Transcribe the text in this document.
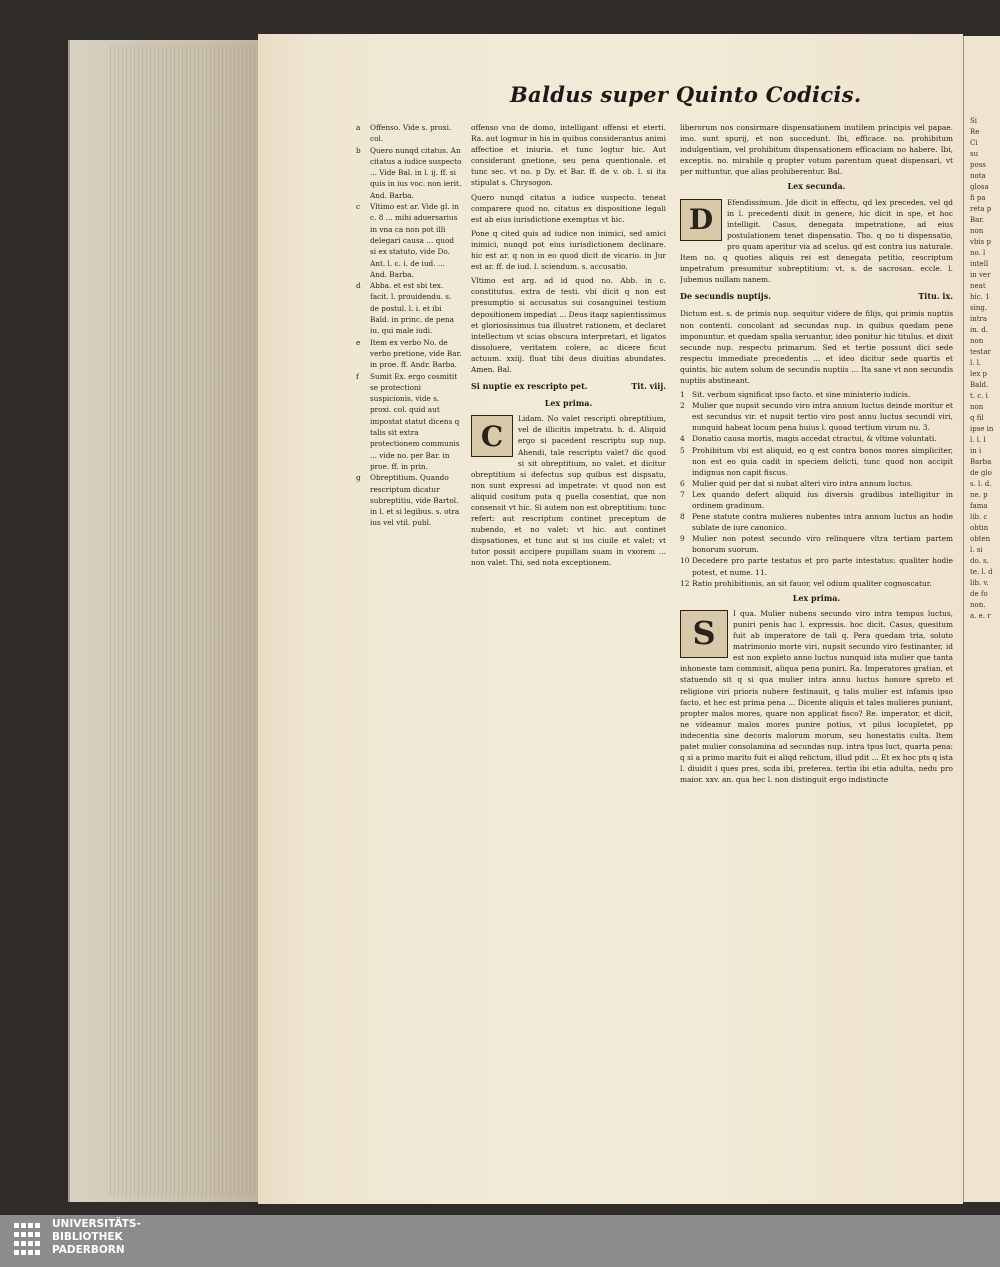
Si
Re
Ci
su
poss
nota
glosa
fi pa
reta p
Bar.
non
vbis p
no. l
intell
in ver
neat
hic. 1
sing.
intra
in. d.
non
testar
l. l.
lex p
Bald.
t. c. i
non
q fil
ipse in
l. l. l
in i
Barba
de glo
s. l. d.
ne. p
fama
lib. c
obtin
obten
l. si
do. s.
te. l. d
lib. v.
de fo
non.
a. e. r
Baldus super Quinto Codicis.
a	Offenso. Vide s. proxi. col.
b	Quero nunqd citatus. An citatus a iudice suspecto ... Vide Bal. in l. ij. ff. si quis in ius voc. non ierit. And. Barba.
c	Vltimo est ar. Vide gl. in c. 8 ... mihi aduersarius in vna ca non pot illi delegari causa ... quod si ex statuto, vide Do. Ant. l. c. i. de iud. ... And. Barba.
d	Abba. et est sbi tex. facit. l. prouidendu. s. de postul. l. i. et ibi Bald. in princ. de pena iu. qui male iudi.
e	Item ex verbo No. de verbo pretione, vide Bar. in proe. ff. Andr. Barba.
f	Sumit Ex. ergo cosmitit se protectioni suspicionis, vide s. proxi. col. quid aut impostat statut dicens q talis sit extra protectionem communis ... vide no. per Bar. in proe. ff. in prin.
g	Obreptitium. Quando rescriptum dicatur subreptitiu, vide Bartol. in l. et si legibus. s. otra ius vel vtil. publ.

offenso vno de domo, intelligant offensi et eterti. Ra. aut logmur in his in quibus considerantus animi affectioe et iniuria. et tunc logtur hic. Aut considerant gnetione, seu pena quentionale. et tunc sec. vt no. p Dy. et Bar. ff. de v. ob. l. si ita stipulat s. Chrysogon.

Quero nunqd citatus a iudice suspecto. teneat comparere quod no. citatus ex dispositione legali est ab eius iurisdictione exemptus vt hic.

Pone q cited quis ad iudice non inimici, sed amici inimici, nunqd pot eius iurisdictionem declinare. hic est ar. q non in eo quod dicit de vicario. in Jur est ar. ff. de iud. l. sciendum. s. accusatio.

Vltimo est arg. ad id quod no. Abb. in c. constitutus. extra de testi. vbi dicit q non est presumptio si accusatus sui cosanguinei testium depositionem impediat ... Deus itaqz sapientissimus et gloriosissimus tua illustret rationem, et declaret intellectum vt scias obscura interpretari, et ligatos dissoluere, veritatem colere, ac dicere ficut actuum. xxiij. fluat tibi deus diuitias abundates. Amen. Bal.

Si nuptie ex rescripto pet.	Tit. viij.
Lex prima.
C

Lidam. No valet rescripti obreptitium, vel de illicitis impetratu. h. d. Aliquid ergo si pacedent rescriptu sup nup. Ahendi, tale rescriptu valet? dic quod si sit obreptitium, no valet. et dicitur obreptitium si defectus sup quibus est dispsatu, non sunt expressi ad impetrate: vt quod non est aliquid cositum puta q puella cosentiat, que non consensit vt hic. Si autem non est obreptitium: tunc refert: aut rescriptum continet preceptum de nubendo, et no valet: vt hic. aut continet dispsationes, et tunc aut si ius ciuile et valet: vt tutor possit accipere pupillam suam in vxorem ... non valet. Thi, sed nota exceptionem.

liberorum nos consirmare dispensationem inutilem principis vel papae. imo. sunt spurij, et non succedunt. Ibi, efficace. no. prohibitum indulgentiam, vel prohibitum dispensationem efficaciam no habere. Ibi, exceptis. no. mirabile q propter votum parentum queat dispensari, vt per mittuntur, que alias prohiberentur. Bal.

Lex secunda.
D

Efendissimum. Jde dicit in effectu, qd lex precedes, vel qd in l. precedenti dixit in genere, hic dicit in spe, et hoc intelligit. Casus, denegata impetratione, ad eius postulationem tenet dispensatio. Tho. q no ti dispensatio, pro quam aperitur via ad scelus. qd est contra ius naturale. Item no. q quoties aliquis rei est denegata petitio, rescriptum impetratum presumitur subreptitium: vt. s. de sacrosan. eccle. l. Jubemus nullam nanem.

De secundis nuptijs.	Titu. ix.

Dictum est. s. de primis nup. sequitur videre de filijs, qui primis nuptiis non contenti. concolant ad secundas nup. in quibus quedam pene imponuntur. et quedam spalia seruantur, ideo ponitur hic titulus. et dixit secunde nup. respectu primarum. Sed et tertie possunt dici sede respectu immediate precedentis ... et ideo dicitur sede quartis et quintis. hic autem solum de secundis nuptiis ... Ita sane vt non secundis nuptiis abstineant.

1 Sit. verbum significat ipso facto. et sine ministerio iudicis.
2 Mulier que nupsit secundo viro intra annum luctus deinde moritur et est secundus vir. et nupsit tertio viro post annu luctus secundi viri, nunquid habeat locum pena huius l. quoad tertium virum nu. 3.
4 Donatio causa mortis, magis accedat ctractui, & vltime voluntati.
5 Prohibitum vbi est aliquid, eo q est contra bonos mores simpliciter, non est eo quia cadit in speciem delicti, tunc quod non accipit indignus non capit fiscus.
6 Mulier quid per dat si nubat alteri viro intra annum luctus.
7 Lex quando defert aliquid ius diversis gradibus intelligitur in ordinem gradinum.
8 Pene statute contra mulieres nubentes intra annum luctus an hodie sublate de iure canonico.
9 Mulier non potest secundo viro relinquere vltra tertiam partem bonorum suorum.
10 Decedere pro parte testatus et pro parte intestatus: qualiter hodie potest, et nume. 11.
12 Ratio prohibitionis, an sit fauor, vel odium qualiter cognoscatur.
Lex prima.
S

I qua. Mulier nubens secundo viro intra tempus luctus, puniri penis hac l. expressis. hoc dicit. Casus, quesitum fuit ab imperatore de tali q. Pera quedam tria, soluto matrimonio morte viri, nupsit secundo viro festinanter, id est non expleto anno luctus nunquid ista mulier que tanta inhoneste tam commisit, aliqua pena puniri. Ra. Imperatores gratian, et statuendo sit q si qua mulier intra annu luctus honore spreto et religione viri prioris nubere festinauit, q talis mulier est infamis ipso facto, et hec est prima pena ... Dicente aliquis et tales mulieres puniant, propter malos mores, quare non applicat fisco? Re. imperator, et dicit, ne videamur malos mores punire potius, vt pilus locupletet, pp indecentia sine decoris malorum morum, seu honestatis culta. Item patet mulier consolamina ad secundas nup. intra tpus luct, quarta pena: q si a primo marito fuit ei aliqd relictum, illud pdit ... Et ex hoc pts q ista l. diuidit i ques pres, scda ibi, preterea. tertia ibi etia adulta, nedu pro maior. xxv. an. qua hec l. non distinguit ergo indistincte

UNIVERSITÄTS-
BIBLIOTHEK
PADERBORN
